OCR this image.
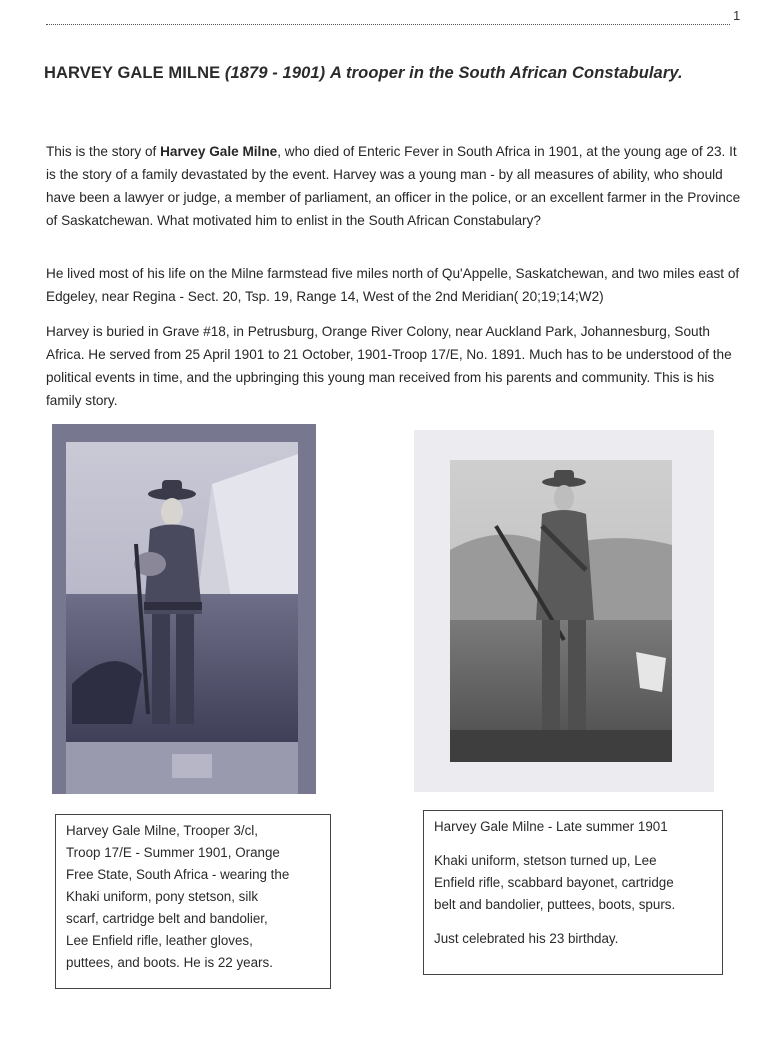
1
HARVEY GALE MILNE (1879 - 1901) A trooper in the South African Constabulary.

This is the story of Harvey Gale Milne, who died of Enteric Fever in South Africa in 1901, at the young age of 23. It is the story of a family devastated by the event. Harvey was a young man - by all measures of ability, who should have been a lawyer or judge, a member of parliament, an officer in the police, or an excellent farmer in the Province of Saskatchewan. What motivated him to enlist in the South African Constabulary?

He lived most of his life on the Milne farmstead five miles north of Qu'Appelle, Saskatchewan, and two miles east of Edgeley, near Regina - Sect. 20, Tsp. 19, Range 14, West of the 2nd Meridian( 20;19;14;W2)

Harvey is buried in Grave #18, in Petrusburg, Orange River Colony, near Auckland Park, Johannesburg, South Africa. He served from 25 April 1901 to 21 October, 1901-Troop 17/E, No. 1891. Much has to be understood of the political events in time, and the upbringing this young man received from his parents and community. This is his family story.

Harvey Gale Milne, Trooper 3/cl,

Troop 17/E - Summer 1901, Orange

Free State, South Africa - wearing the

Khaki uniform, pony stetson, silk

scarf, cartridge belt and bandolier,

Lee Enfield rifle, leather gloves,

puttees, and boots. He is 22 years.

Harvey Gale Milne - Late summer 1901

Khaki uniform, stetson turned up, Lee

Enfield rifle, scabbard bayonet, cartridge

belt and bandolier, puttees, boots, spurs.

Just celebrated his 23 birthday.
